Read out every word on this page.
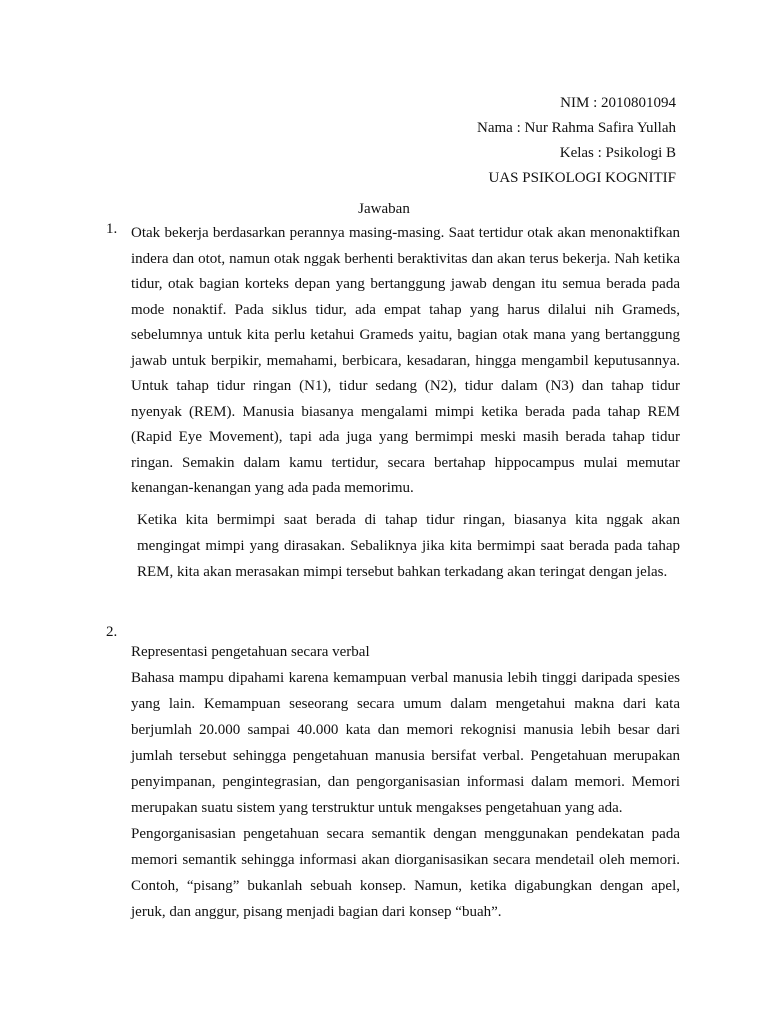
NIM : 2010801094
Nama : Nur Rahma Safira Yullah
Kelas : Psikologi B
UAS PSIKOLOGI KOGNITIF
Jawaban
1. Otak bekerja berdasarkan perannya masing-masing. Saat tertidur otak akan menonaktifkan indera dan otot, namun otak nggak berhenti beraktivitas dan akan terus bekerja. Nah ketika tidur, otak bagian korteks depan yang bertanggung jawab dengan itu semua berada pada mode nonaktif. Pada siklus tidur, ada empat tahap yang harus dilalui nih Grameds, sebelumnya untuk kita perlu ketahui Grameds yaitu, bagian otak mana yang bertanggung jawab untuk berpikir, memahami, berbicara, kesadaran, hingga mengambil keputusannya. Untuk tahap tidur ringan (N1), tidur sedang (N2), tidur dalam (N3) dan tahap tidur nyenyak (REM). Manusia biasanya mengalami mimpi ketika berada pada tahap REM (Rapid Eye Movement), tapi ada juga yang bermimpi meski masih berada tahap tidur ringan. Semakin dalam kamu tertidur, secara bertahap hippocampus mulai memutar kenangan-kenangan yang ada pada memorimu.

Ketika kita bermimpi saat berada di tahap tidur ringan, biasanya kita nggak akan mengingat mimpi yang dirasakan. Sebaliknya jika kita bermimpi saat berada pada tahap REM, kita akan merasakan mimpi tersebut bahkan terkadang akan teringat dengan jelas.

2.

Representasi pengetahuan secara verbal

Bahasa mampu dipahami karena kemampuan verbal manusia lebih tinggi daripada spesies yang lain. Kemampuan seseorang secara umum dalam mengetahui makna dari kata berjumlah 20.000 sampai 40.000 kata dan memori rekognisi manusia lebih besar dari jumlah tersebut sehingga pengetahuan manusia bersifat verbal. Pengetahuan merupakan penyimpanan, pengintegrasian, dan pengorganisasian informasi dalam memori. Memori merupakan suatu sistem yang terstruktur untuk mengakses pengetahuan yang ada.

Pengorganisasian pengetahuan secara semantik dengan menggunakan pendekatan pada memori semantik sehingga informasi akan diorganisasikan secara mendetail oleh memori. Contoh, “pisang” bukanlah sebuah konsep. Namun, ketika digabungkan dengan apel, jeruk, dan anggur, pisang menjadi bagian dari konsep “buah”.
